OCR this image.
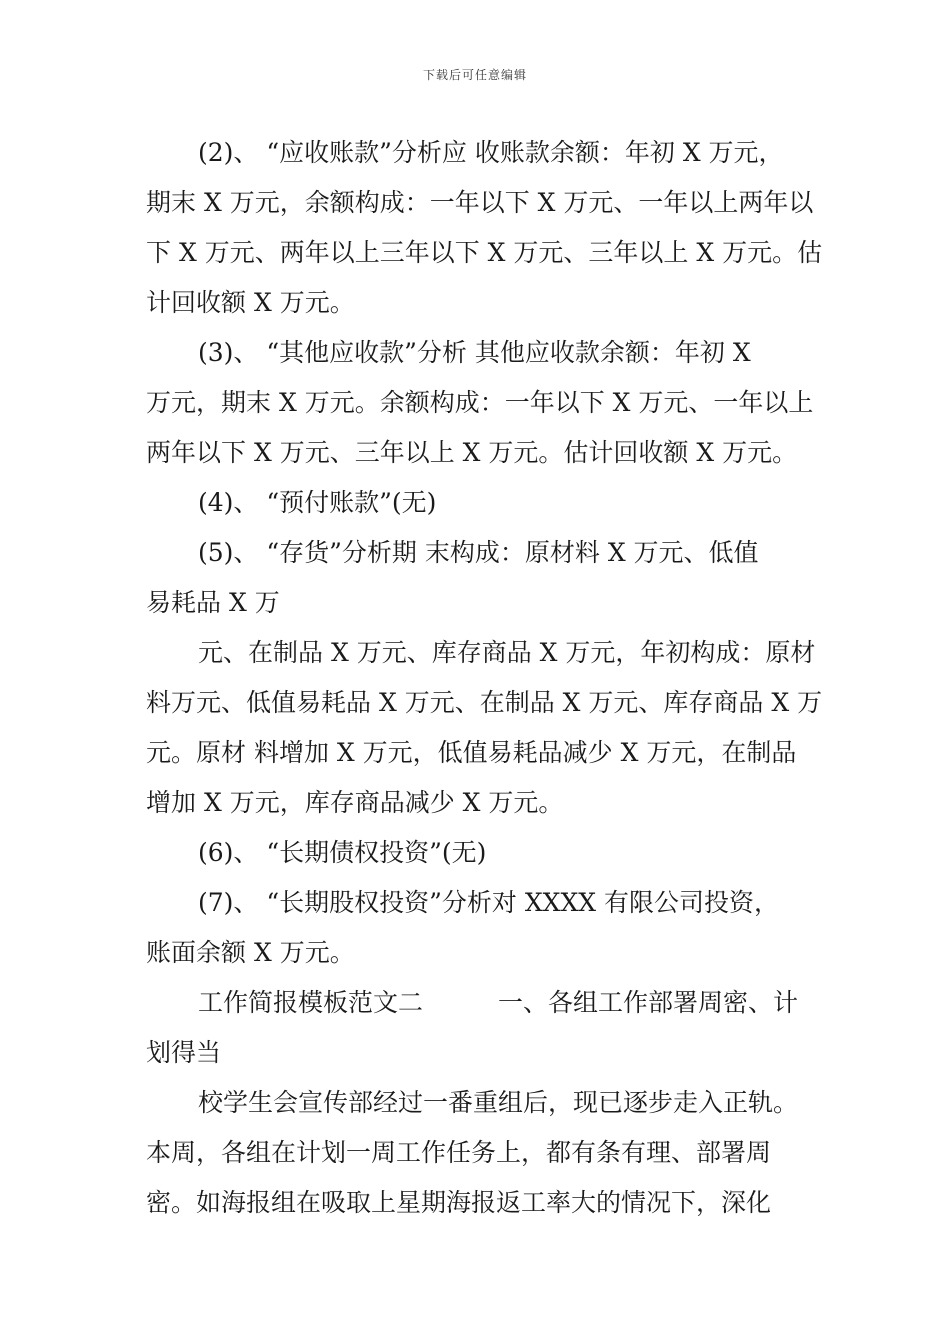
下载后可任意编辑
(2)、 “应收账款”分析应 收账款余额：年初 X 万元，
期末 X 万元，余额构成：一年以下 X 万元、一年以上两年以
下 X 万元、两年以上三年以下 X 万元、三年以上 X 万元。估
计回收额 X 万元。
(3)、 “其他应收款”分析 其他应收款余额：年初 X
万元，期末 X 万元。余额构成：一年以下 X 万元、一年以上
两年以下 X 万元、三年以上 X 万元。估计回收额 X 万元。
(4)、 “预付账款”(无)
(5)、 “存货”分析期 末构成：原材料 X 万元、低值
易耗品 X 万
元、在制品 X 万元、库存商品 X 万元，年初构成：原材
料万元、低值易耗品 X 万元、在制品 X 万元、库存商品 X 万
元。原材 料增加 X 万元，低值易耗品减少 X 万元，在制品
增加 X 万元，库存商品减少 X 万元。
(6)、 “长期债权投资”(无)
(7)、 “长期股权投资”分析对 XXXX 有限公司投资，
账面余额 X 万元。
工作简报模板范文二　　　一、各组工作部署周密、计
划得当
校学生会宣传部经过一番重组后，现已逐步走入正轨。
本周，各组在计划一周工作任务上，都有条有理、部署周
密。如海报组在吸取上星期海报返工率大的情况下，深化
